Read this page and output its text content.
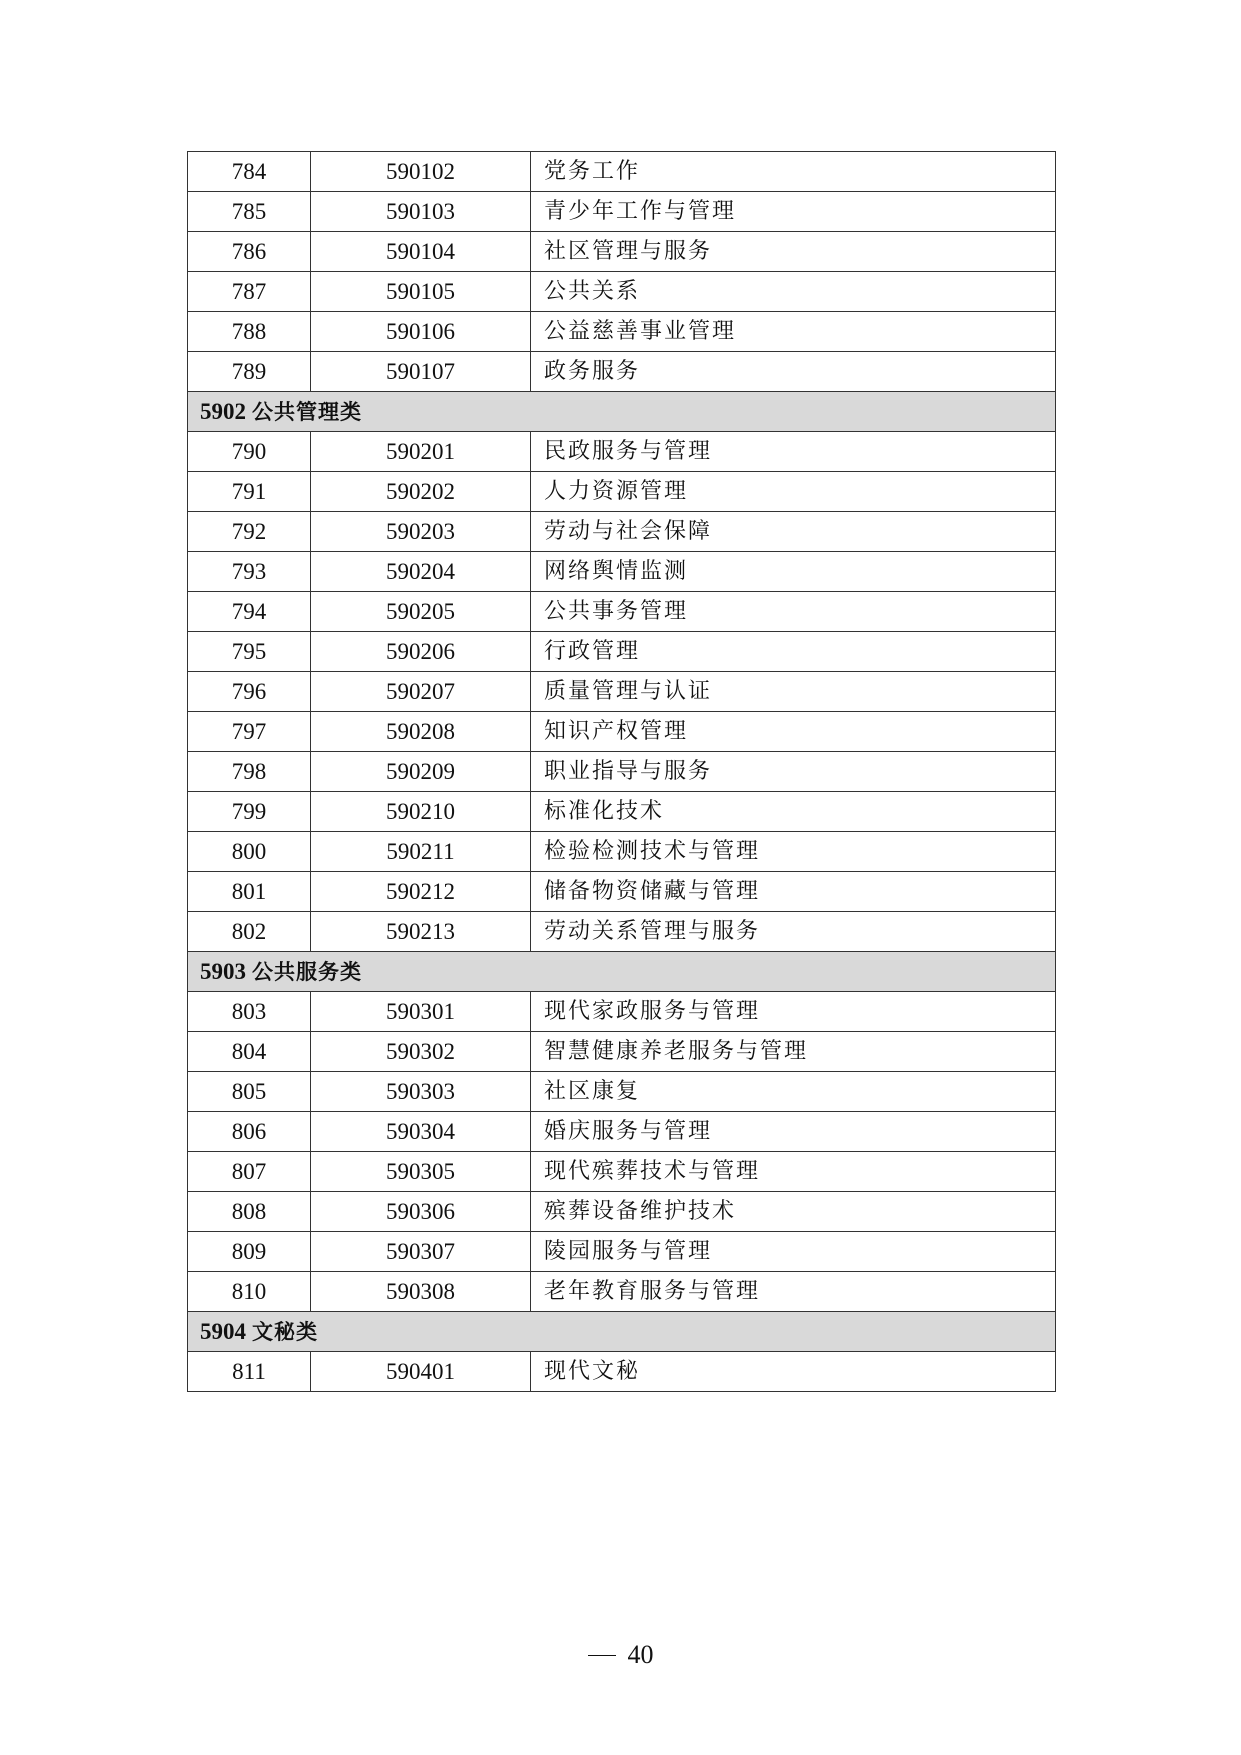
784	590102	党务工作
785	590103	青少年工作与管理
786	590104	社区管理与服务
787	590105	公共关系
788	590106	公益慈善事业管理
789	590107	政务服务
5902 公共管理类		
790	590201	民政服务与管理
791	590202	人力资源管理
792	590203	劳动与社会保障
793	590204	网络舆情监测
794	590205	公共事务管理
795	590206	行政管理
796	590207	质量管理与认证
797	590208	知识产权管理
798	590209	职业指导与服务
799	590210	标准化技术
800	590211	检验检测技术与管理
801	590212	储备物资储藏与管理
802	590213	劳动关系管理与服务
5903 公共服务类		
803	590301	现代家政服务与管理
804	590302	智慧健康养老服务与管理
805	590303	社区康复
806	590304	婚庆服务与管理
807	590305	现代殡葬技术与管理
808	590306	殡葬设备维护技术
809	590307	陵园服务与管理
810	590308	老年教育服务与管理
5904 文秘类		
811	590401	现代文秘
40
